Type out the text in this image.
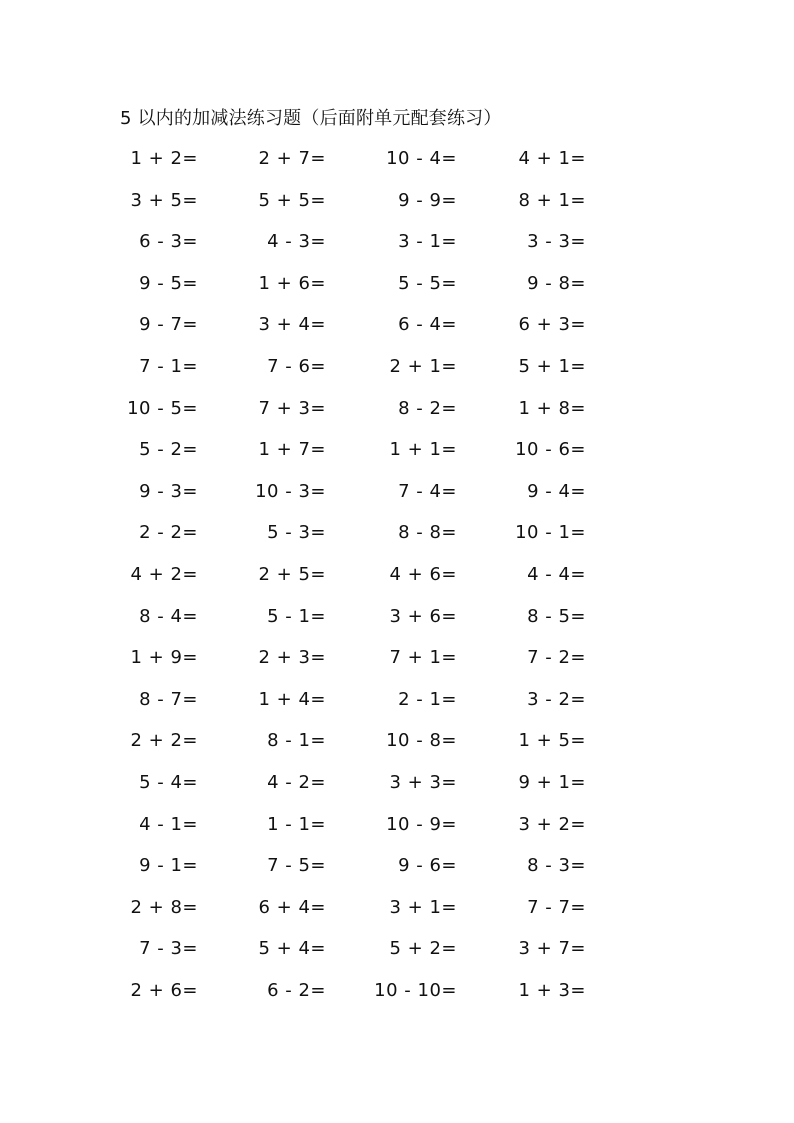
5 以内的加减法练习题（后面附单元配套练习）
1 + 2=	2 + 7=	10 - 4=	4 + 1=
3 + 5=	5 + 5=	9 - 9=	8 + 1=
6 - 3=	4 - 3=	3 - 1=	3 - 3=
9 - 5=	1 + 6=	5 - 5=	9 - 8=
9 - 7=	3 + 4=	6 - 4=	6 + 3=
7 - 1=	7 - 6=	2 + 1=	5 + 1=
10 - 5=	7 + 3=	8 - 2=	1 + 8=
5 - 2=	1 + 7=	1 + 1=	10 - 6=
9 - 3=	10 - 3=	7 - 4=	9 - 4=
2 - 2=	5 - 3=	8 - 8=	10 - 1=
4 + 2=	2 + 5=	4 + 6=	4 - 4=
8 - 4=	5 - 1=	3 + 6=	8 - 5=
1 + 9=	2 + 3=	7 + 1=	7 - 2=
8 - 7=	1 + 4=	2 - 1=	3 - 2=
2 + 2=	8 - 1=	10 - 8=	1 + 5=
5 - 4=	4 - 2=	3 + 3=	9 + 1=
4 - 1=	1 - 1=	10 - 9=	3 + 2=
9 - 1=	7 - 5=	9 - 6=	8 - 3=
2 + 8=	6 + 4=	3 + 1=	7 - 7=
7 - 3=	5 + 4=	5 + 2=	3 + 7=
2 + 6=	6 - 2=	10 - 10=	1 + 3=
